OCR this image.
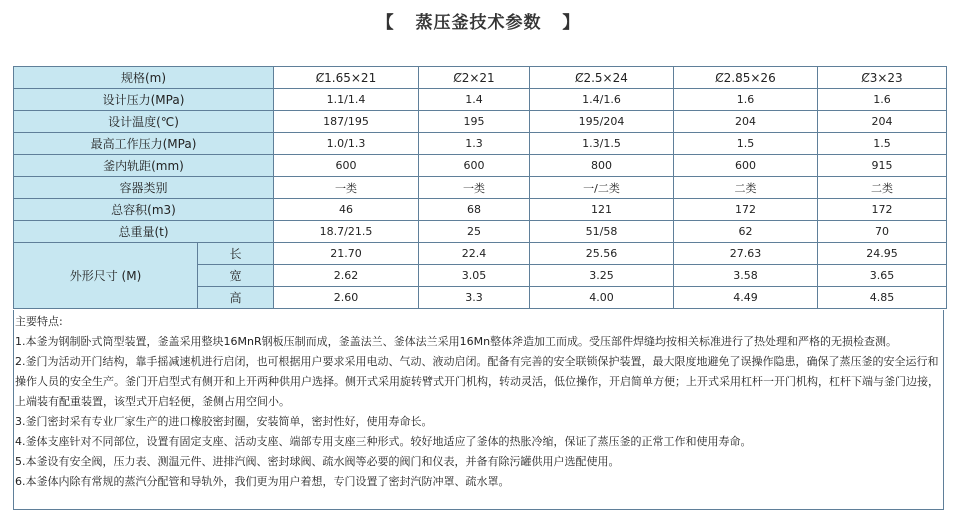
【 蒸压釜技术参数 】
规格(m)		Ȼ1.65×21	Ȼ2×21	Ȼ2.5×24	Ȼ2.85×26	Ȼ3×23
设计压力(MPa)		1.1/1.4	1.4	1.4/1.6	1.6	1.6
设计温度(℃)		187/195	195	195/204	204	204
最高工作压力(MPa)		1.0/1.3	1.3	1.3/1.5	1.5	1.5
釜内轨距(mm)		600	600	800	600	915
容器类别		一类	一类	一/二类	二类	二类
总容积(m3)		46	68	121	172	172
总重量(t)		18.7/21.5	25	51/58	62	70
外形尺寸 (M)	长	21.70	22.4	25.56	27.63	24.95
	宽	2.62	3.05	3.25	3.58	3.65
	高	2.60	3.3	4.00	4.49	4.85

主要特点:

1.本釜为钢制卧式筒型装置，釜盖采用整块16MnR钢板压制而成，釜盖法兰、釜体法兰采用16Mn整体斧造加工而成。受压部件焊缝均按相关标准进行了热处理和严格的无损检查测。

2.釜门为活动开门结构，靠手摇减速机进行启闭，也可根据用户要求采用电动、气动、液动启闭。配备有完善的安全联锁保护装置，最大限度地避免了误操作隐患，确保了蒸压釜的安全运行和操作人员的安全生产。釜门开启型式有侧开和上开两种供用户选择。侧开式采用旋转臂式开门机构，转动灵活，低位操作，开启简单方便；上开式采用杠杆一开门机构，杠杆下端与釜门边接，上端装有配重装置，该型式开启轻便，釜侧占用空间小。

3.釜门密封采有专业厂家生产的进口橡胶密封圈，安装简单，密封性好，使用寿命长。

4.釜体支座针对不同部位，设置有固定支座、活动支座、端部专用支座三种形式。较好地适应了釜体的热胀冷缩，保证了蒸压釜的正常工作和使用寿命。

5.本釜设有安全阀，压力表、测温元件、进排汽阀、密封球阀、疏水阀等必要的阀门和仪表，并备有除污罐供用户选配使用。

6.本釜体内除有常规的蒸汽分配管和导轨外，我们更为用户着想，专门设置了密封汽防冲罩、疏水罩。
